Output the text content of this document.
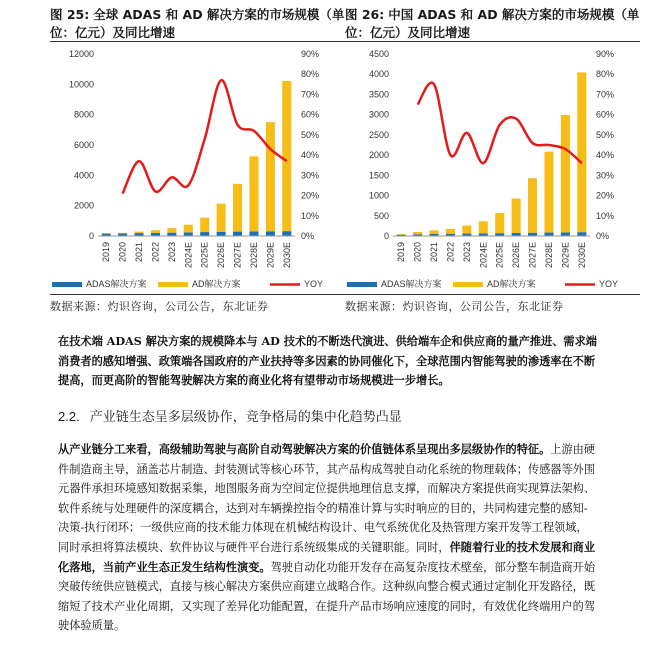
图 25: 全球 ADAS 和 AD 解决方案的市场规模（单位：亿元）及同比增速
0
2000
4000
6000
8000
10000
12000
0%
10%
20%
30%
40%
50%
60%
70%
80%
90%
2019 2020 2021 2022 2023 2024E 2025E 2026E 2027E 2028E 2029E 2030E
ADAS解决方案	AD解决方案	YOY
数据来源：灼识咨询，公司公告，东北证券
图 26: 中国 ADAS 和 AD 解决方案的市场规模（单位：亿元）及同比增速
0
500
1000
1500
2000
2500
3000
3500
4000
4500
0%
10%
20%
30%
40%
50%
60%
70%
80%
90%
2019 2020 2021 2022 2023 2024E 2025E 2026E 2027E 2028E 2029E 2030E
ADAS解决方案	AD解决方案	YOY
数据来源：灼识咨询，公司公告，东北证券
在技术端 ADAS 解决方案的规模降本与 AD 技术的不断迭代演进、供给端车企和供应商的量产推进、需求端消费者的感知增强、政策端各国政府的产业扶持等多因素的协同催化下，全球范围内智能驾驶的渗透率在不断提高，而更高阶的智能驾驶解决方案的商业化将有望带动市场规模进一步增长。
2.2. 产业链生态呈多层级协作，竞争格局的集中化趋势凸显
从产业链分工来看，高级辅助驾驶与高阶自动驾驶解决方案的价值链体系呈现出多层级协作的特征。上游由硬件制造商主导，涵盖芯片制造、封装测试等核心环节，其产品构成驾驶自动化系统的物理载体；传感器等外围元器件承担环境感知数据采集，地图服务商为空间定位提供地理信息支撑，而解决方案提供商实现算法架构、软件系统与处理硬件的深度耦合，达到对车辆操控指令的精准计算与实时响应的目的，共同构建完整的感知-决策-执行闭环；一级供应商的技术能力体现在机械结构设计、电气系统优化及热管理方案开发等工程领域，同时承担将算法模块、软件协议与硬件平台进行系统级集成的关键职能。同时，伴随着行业的技术发展和商业化落地，当前产业生态正发生结构性演变。驾驶自动化功能开发存在高复杂度技术壁垒，部分整车制造商开始突破传统供应链模式，直接与核心解决方案供应商建立战略合作。这种纵向整合模式通过定制化开发路径，既缩短了技术产业化周期，又实现了差异化功能配置，在提升产品市场响应速度的同时，有效优化终端用户的驾驶体验质量。
